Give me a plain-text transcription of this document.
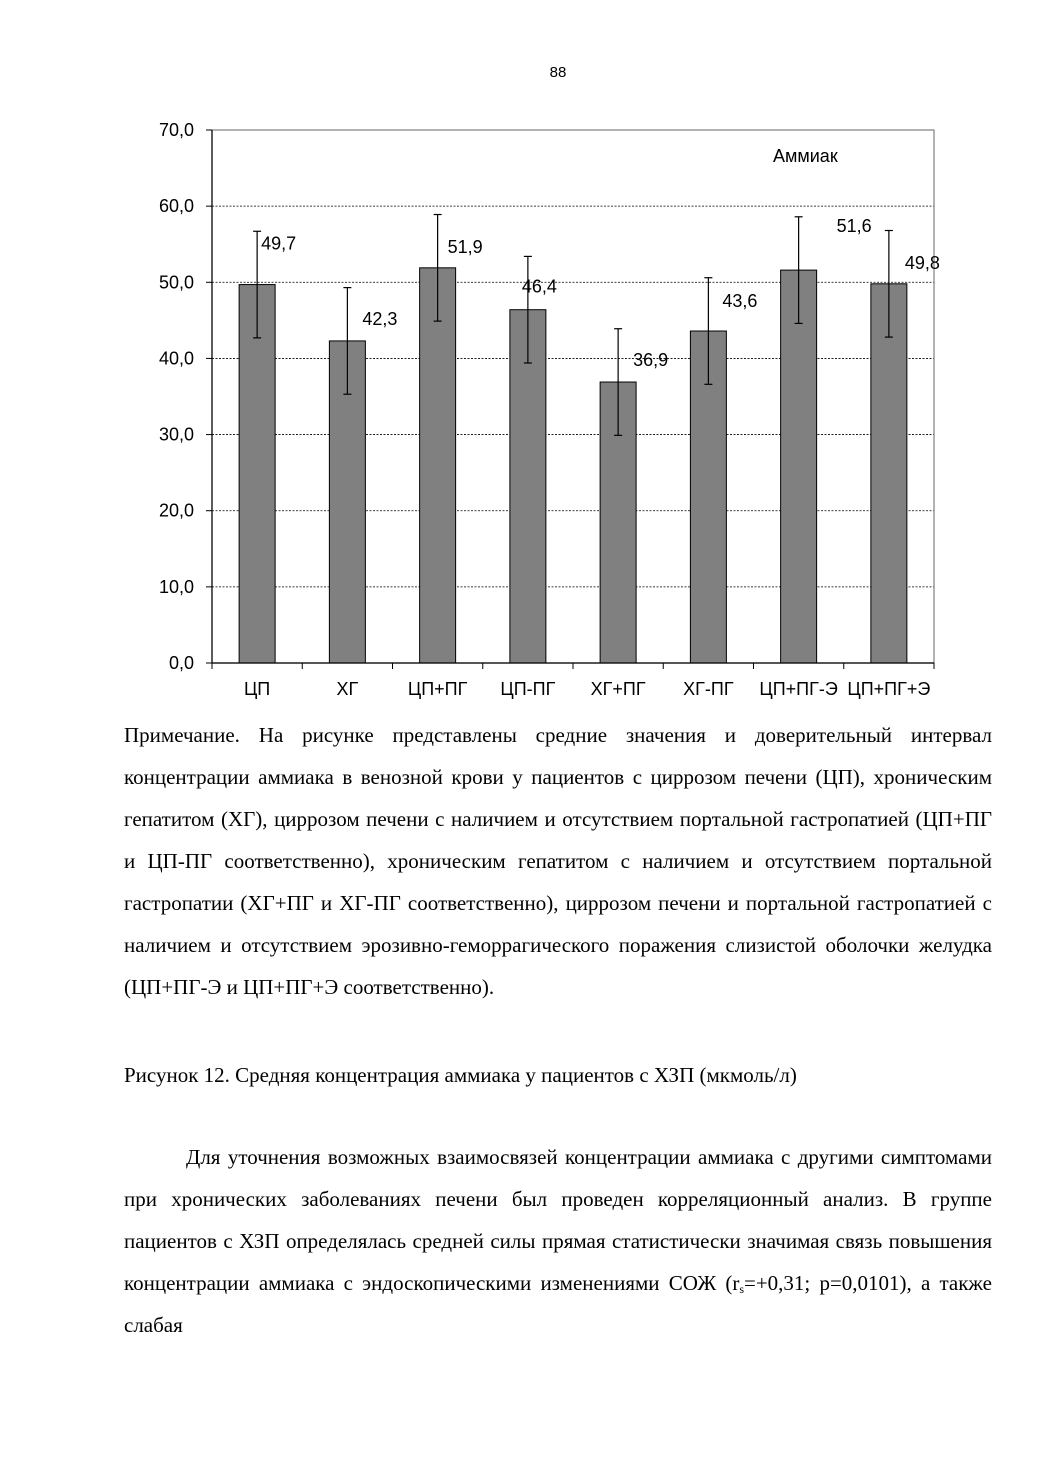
88
0,0
10,0
20,0
30,0
40,0
50,0
60,0
70,0
ЦП	ХГ	ЦП+ПГ ЦП-ПГ ХГ+ПГ ХГ-ПГ ЦП+ПГ-Э ЦП+ПГ+Э
49,7
42,3
51,9
46,4
36,9
43,6
51,6
49,8
Аммиак

Примечание. На рисунке представлены средние значения и доверительный интервал концентрации аммиака в венозной крови у пациентов с циррозом печени (ЦП), хроническим гепатитом (ХГ), циррозом печени с наличием и отсутствием портальной гастропатией (ЦП+ПГ и ЦП-ПГ соответственно), хроническим гепатитом с наличием и отсутствием портальной гастропатии (ХГ+ПГ и ХГ-ПГ соответственно), циррозом печени и портальной гастропатией с наличием и отсутствием эрозивно-геморрагического поражения слизистой оболочки желудка (ЦП+ПГ-Э и ЦП+ПГ+Э соответственно).

Рисунок 12. Средняя концентрация аммиака у пациентов с ХЗП (мкмоль/л)

Для уточнения возможных взаимосвязей концентрации аммиака с другими симптомами при хронических заболеваниях печени был проведен корреляционный анализ. В группе пациентов с ХЗП определялась средней силы прямая статистически значимая связь повышения концентрации аммиака с эндоскопическими изменениями СОЖ ($r_s=+0,31$; p=0,0101), а также слабая
